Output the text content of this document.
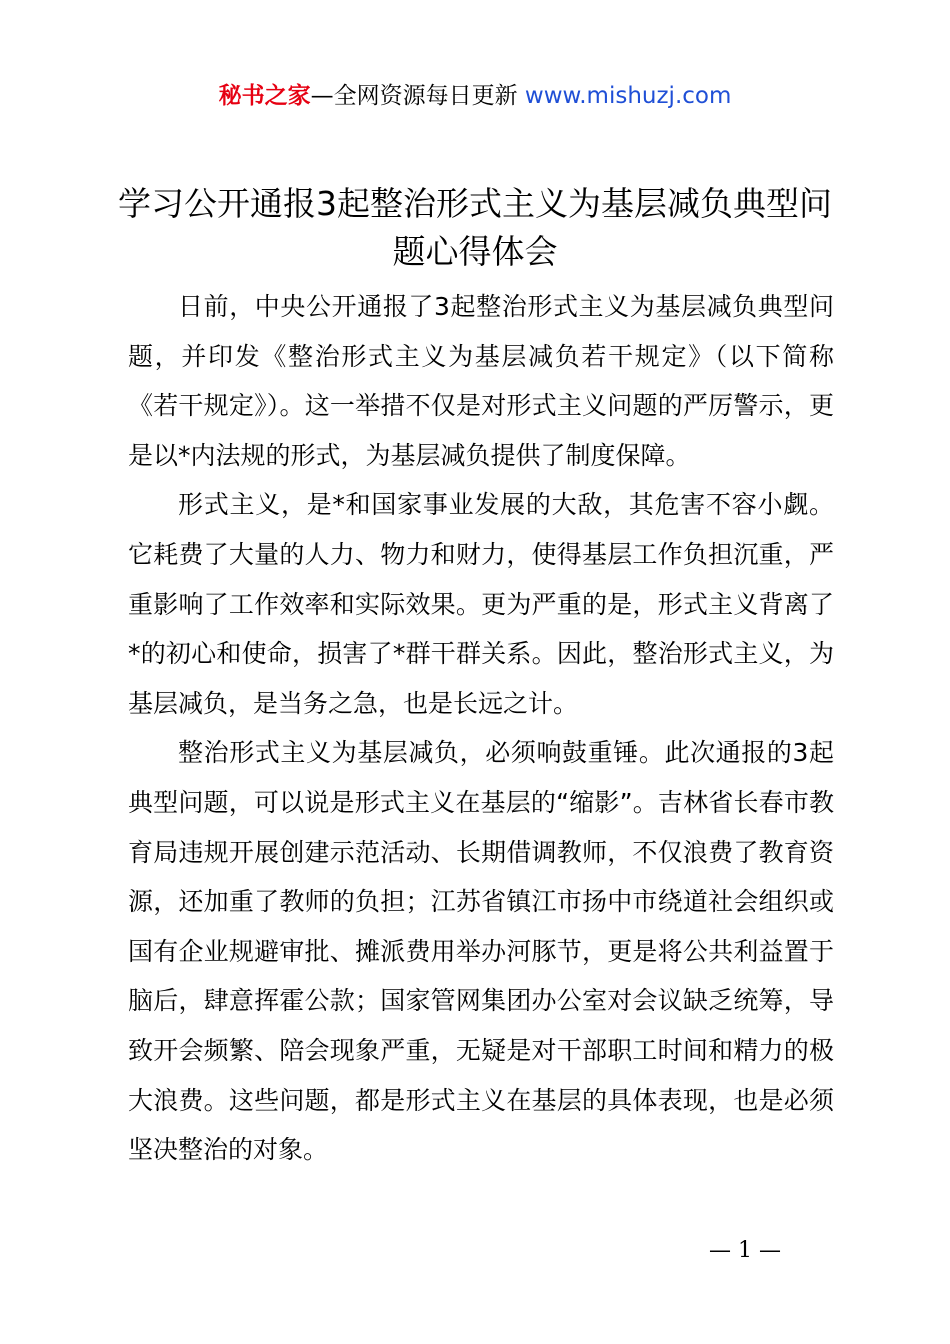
秘书之家—全网资源每日更新 www.mishuzj.com
学习公开通报3起整治形式主义为基层减负典型问题心得体会

日前，中央公开通报了3起整治形式主义为基层减负典型问题，并印发《整治形式主义为基层减负若干规定》（以下简称《若干规定》）。这一举措不仅是对形式主义问题的严厉警示，更是以*内法规的形式，为基层减负提供了制度保障。

形式主义，是*和国家事业发展的大敌，其危害不容小觑。它耗费了大量的人力、物力和财力，使得基层工作负担沉重，严重影响了工作效率和实际效果。更为严重的是，形式主义背离了*的初心和使命，损害了*群干群关系。因此，整治形式主义，为基层减负，是当务之急，也是长远之计。

整治形式主义为基层减负，必须响鼓重锤。此次通报的3起典型问题，可以说是形式主义在基层的“缩影”。吉林省长春市教育局违规开展创建示范活动、长期借调教师，不仅浪费了教育资源，还加重了教师的负担；江苏省镇江市扬中市绕道社会组织或国有企业规避审批、摊派费用举办河豚节，更是将公共利益置于脑后，肆意挥霍公款；国家管网集团办公室对会议缺乏统筹，导致开会频繁、陪会现象严重，无疑是对干部职工时间和精力的极大浪费。这些问题，都是形式主义在基层的具体表现，也是必须坚决整治的对象。

— 1 —
